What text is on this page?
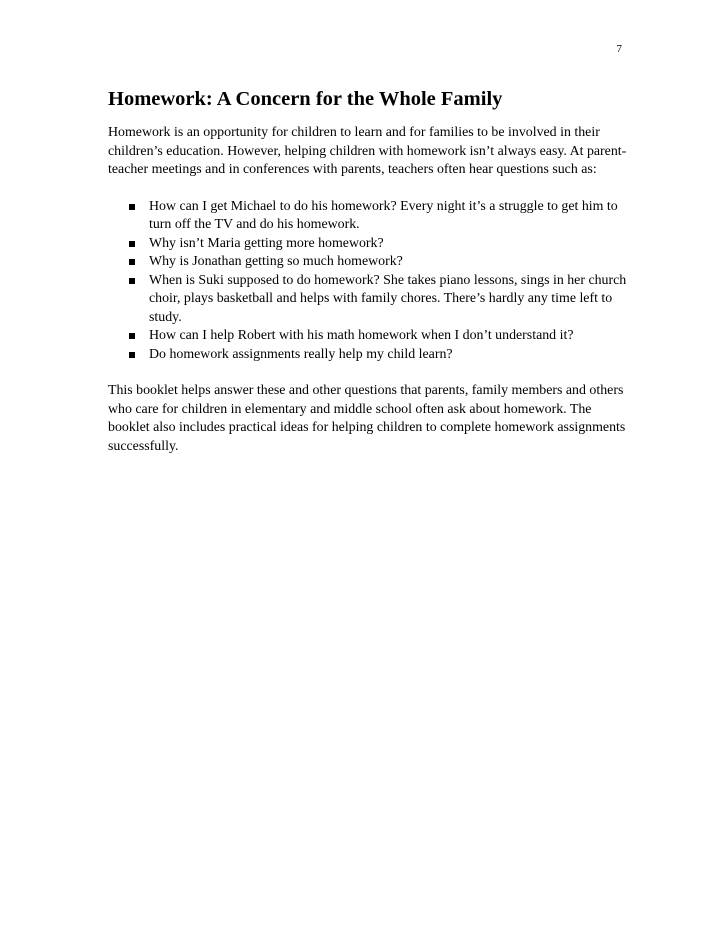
7
Homework: A Concern for the Whole Family

Homework is an opportunity for children to learn and for families to be involved in their children’s education. However, helping children with homework isn’t always easy. At parent-teacher meetings and in conferences with parents, teachers often hear questions such as:

How can I get Michael to do his homework? Every night it’s a struggle to get him to turn off the TV and do his homework.
Why isn’t Maria getting more homework?
Why is Jonathan getting so much homework?
When is Suki supposed to do homework? She takes piano lessons, sings in her church choir, plays basketball and helps with family chores. There’s hardly any time left to study.
How can I help Robert with his math homework when I don’t understand it?
Do homework assignments really help my child learn?

This booklet helps answer these and other questions that parents, family members and others who care for children in elementary and middle school often ask about homework. The booklet also includes practical ideas for helping children to complete homework assignments successfully.
